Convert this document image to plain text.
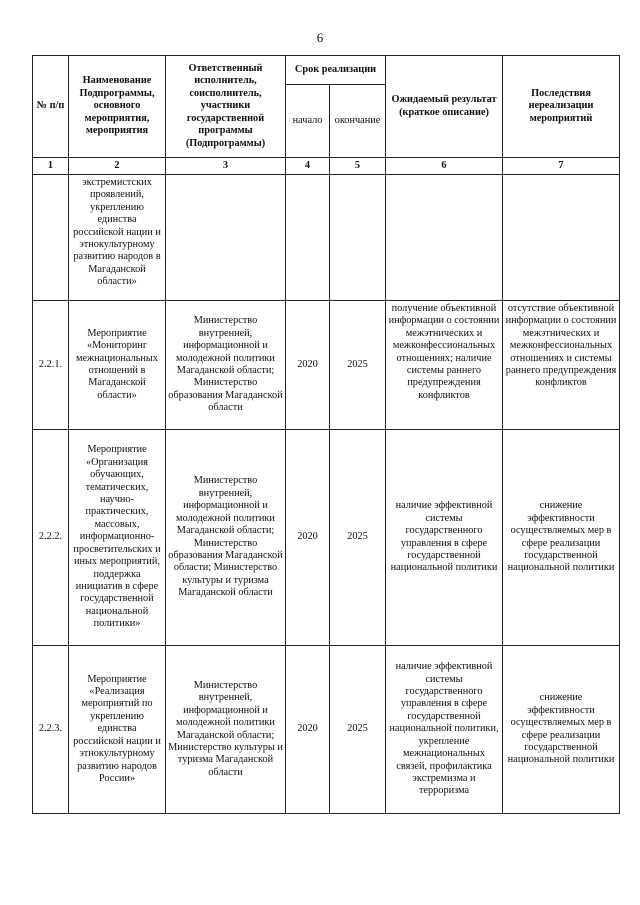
6
№ п/п	Наименование Подпрограммы, основного мероприятия, мероприятия	Ответственный исполнитель, соисполнитель, участники государственной программы (Подпрограммы)	Срок реализации		Ожидаемый результат (краткое описание)	Последствия нереализации мероприятий
			начало	окончание		
1	2	3	4	5	6	7
	экстремистских проявлений, укреплению единства российской нации и этнокультурному развитию народов в Магаданской области»					
2.2.1.	Мероприятие «Мониторинг межнациональных отношений в Магаданской области»	Министерство внутренней, информационной и молодежной политики Магаданской области; Министерство образования Магаданской области	2020	2025	получение объективной информации о состоянии межэтнических и межконфессиональных отношениях; наличие системы раннего предупреждения конфликтов	отсутствие объективной информации о состоянии межэтнических и межконфессиональных отношениях и системы раннего предупреждения конфликтов
2.2.2.	Мероприятие «Организация обучающих, тематических, научно-практических, массовых, информационно-просветительских и иных мероприятий, поддержка инициатив в сфере государственной национальной политики»	Министерство внутренней, информационной и молодежной политики Магаданской области; Министерство образования Магаданской области; Министерство культуры и туризма Магаданской области	2020	2025	наличие эффективной системы государственного управления в сфере государственной национальной политики	снижение эффективности осуществляемых мер в сфере реализации государственной национальной политики
2.2.3.	Мероприятие «Реализация мероприятий по укреплению единства российской нации и этнокультурному развитию народов России»	Министерство внутренней, информационной и молодежной политики Магаданской области; Министерство культуры и туризма Магаданской области	2020	2025	наличие эффективной системы государственного управления в сфере государственной национальной политики, укрепление межнациональных связей, профилактика экстремизма и терроризма	снижение эффективности осуществляемых мер в сфере реализации государственной национальной политики
